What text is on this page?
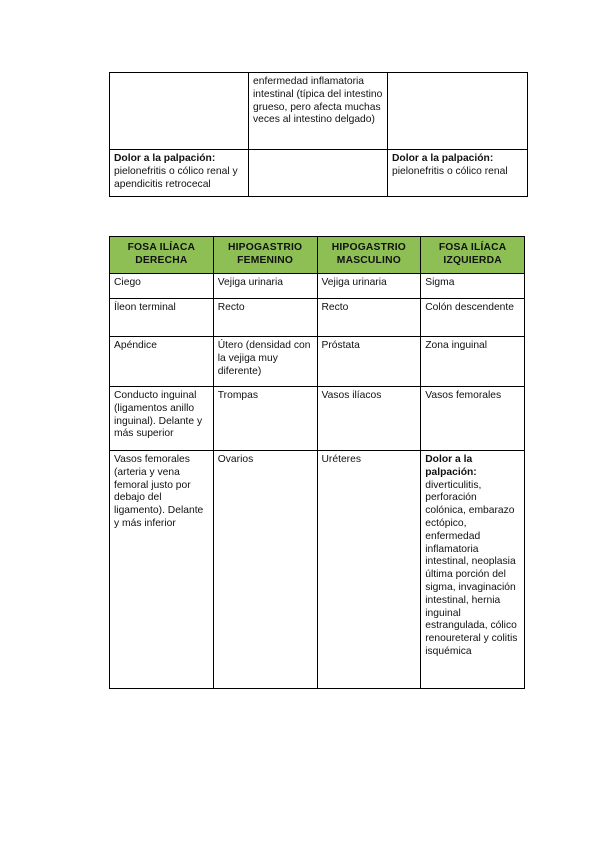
	enfermedad inflamatoria intestinal (típica del intestino grueso, pero afecta muchas veces al intestino delgado)	
Dolor a la palpación:
pielonefritis o cólico renal y apendicitis retrocecal		Dolor a la palpación:
pielonefritis o cólico renal
FOSA ILÍACA DERECHA	HIPOGASTRIO FEMENINO	HIPOGASTRIO MASCULINO	FOSA ILÍACA IZQUIERDA
Ciego	Vejiga urinaria	Vejiga urinaria	Sigma
Íleon terminal	Recto	Recto	Colón descendente
Apéndice	Útero (densidad con la vejiga muy diferente)	Próstata	Zona inguinal
Conducto inguinal (ligamentos anillo inguinal). Delante y más superior	Trompas	Vasos ilíacos	Vasos femorales
Vasos femorales (arteria y vena femoral justo por debajo del ligamento). Delante y más inferior	Ovarios	Uréteres	Dolor a la palpación:
diverticulitis, perforación colónica, embarazo ectópico, enfermedad inflamatoria intestinal, neoplasia última porción del sigma, invaginación intestinal, hernia inguinal estrangulada, cólico renoureteral y colitis isquémica
